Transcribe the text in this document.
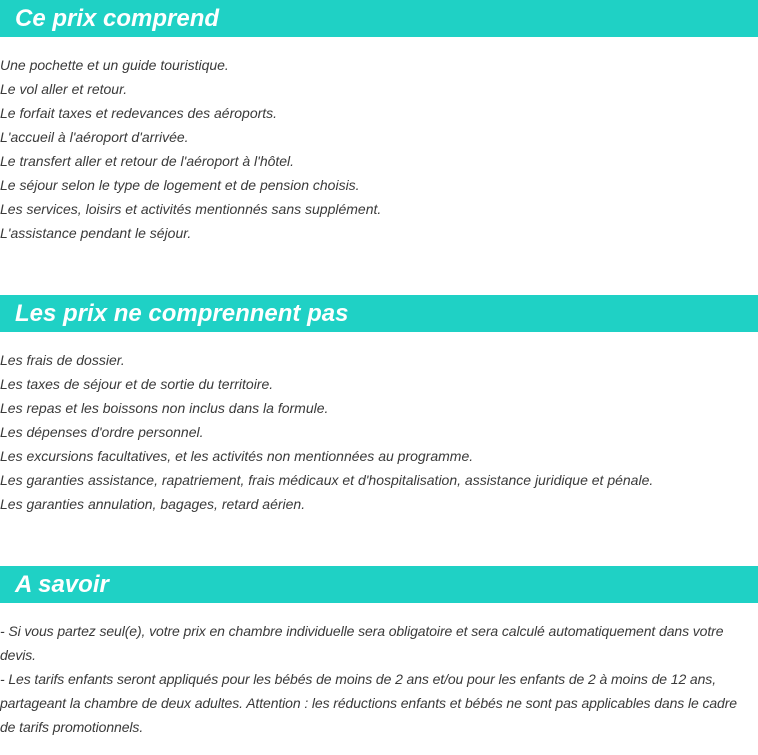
Ce prix comprend
Une pochette et un guide touristique.
Le vol aller et retour.
Le forfait taxes et redevances des aéroports.
L'accueil à l'aéroport d'arrivée.
Le transfert aller et retour de l'aéroport à l'hôtel.
Le séjour selon le type de logement et de pension choisis.
Les services, loisirs et activités mentionnés sans supplément.
L'assistance pendant le séjour.
Les prix ne comprennent pas
Les frais de dossier.
Les taxes de séjour et de sortie du territoire.
Les repas et les boissons non inclus dans la formule.
Les dépenses d'ordre personnel.
Les excursions facultatives, et les activités non mentionnées au programme.
Les garanties assistance, rapatriement, frais médicaux et d'hospitalisation, assistance juridique et pénale.
Les garanties annulation, bagages, retard aérien.
A savoir

- Si vous partez seul(e), votre prix en chambre individuelle sera obligatoire et sera calculé automatiquement dans votre devis.

- Les tarifs enfants seront appliqués pour les bébés de moins de 2 ans et/ou pour les enfants de 2 à moins de 12 ans, partageant la chambre de deux adultes. Attention : les réductions enfants et bébés ne sont pas applicables dans le cadre de tarifs promotionnels.
